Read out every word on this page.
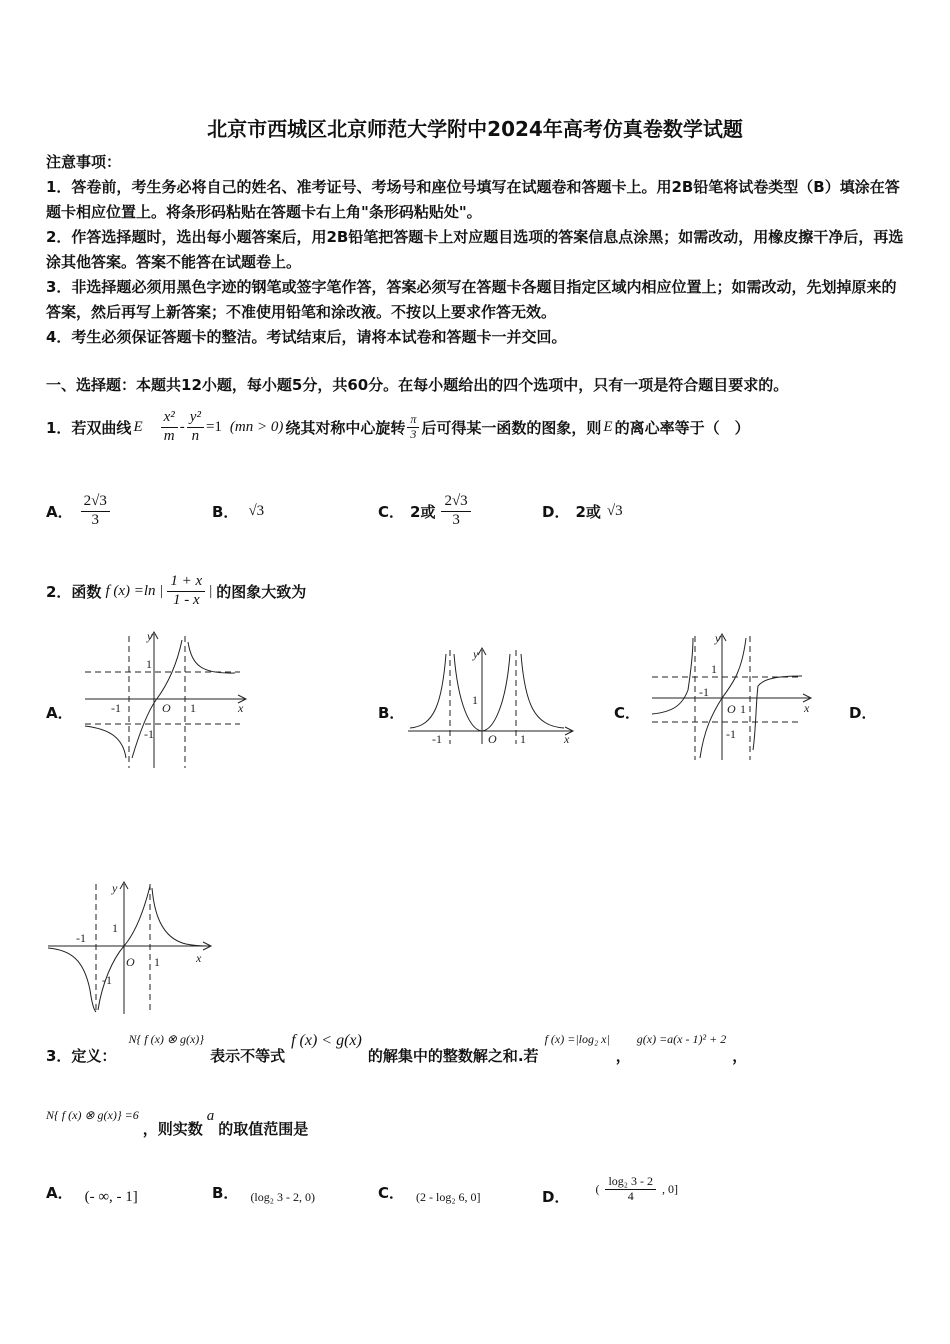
北京市西城区北京师范大学附中2024年高考仿真卷数学试题
注意事项：
1．答卷前，考生务必将自己的姓名、准考证号、考场号和座位号填写在试题卷和答题卡上。用2B铅笔将试卷类型（B）填涂在答题卡相应位置上。将条形码粘贴在答题卡右上角"条形码粘贴处"。
2．作答选择题时，选出每小题答案后，用2B铅笔把答题卡上对应题目选项的答案信息点涂黑；如需改动，用橡皮擦干净后，再选涂其他答案。答案不能答在试题卷上。
3．非选择题必须用黑色字迹的钢笔或签字笔作答，答案必须写在答题卡各题目指定区域内相应位置上；如需改动，先划掉原来的答案，然后再写上新答案；不准使用铅笔和涂改液。不按以上要求作答无效。
4．考生必须保证答题卡的整洁。考试结束后，请将本试卷和答题卡一并交回。
一、选择题：本题共12小题，每小题5分，共60分。在每小题给出的四个选项中，只有一项是符合题目要求的。
1．若双曲线 E $\frac{\text{x²}}{m} - \frac{\text{y²}}{n} =1$ (mn > 0) 绕其对称中心旋转 $\frac{\pi}{3}$ 后可得某一函数的图象，则 E 的离心率等于（　）
A． $\frac{2√3}{3}$	B． √3	C． 2或 $\frac{2√3}{3}$	D． 2或 √3
2．函数 f (x) =ln | $\frac{1 + x}{1 - x}$ | 的图象大致为
A．	B．	C．	D．
y
x
O 1
-1
1
-1
y
x
O 1
-1
1
y
x
O 1
-1
1
-1
y
x
O 1
-1
1
-1
3．定义：
N{ f (x) ⊗ g(x)}
表示不等式
f (x) < g(x)
的解集中的整数解之和.若
f (x) =|log₂ x|
，
g(x) =a(x - 1)² + 2
，
N{ f (x) ⊗ g(x)} =6
，则实数
a
的取值范围是
A． (- ∞, - 1]	B． (log₂ 3 - 2, 0)	C． (2 - log₂ 6, 0]	D． ( $\frac{\text{log₂ 3 - 2}}{4}$ , 0]
